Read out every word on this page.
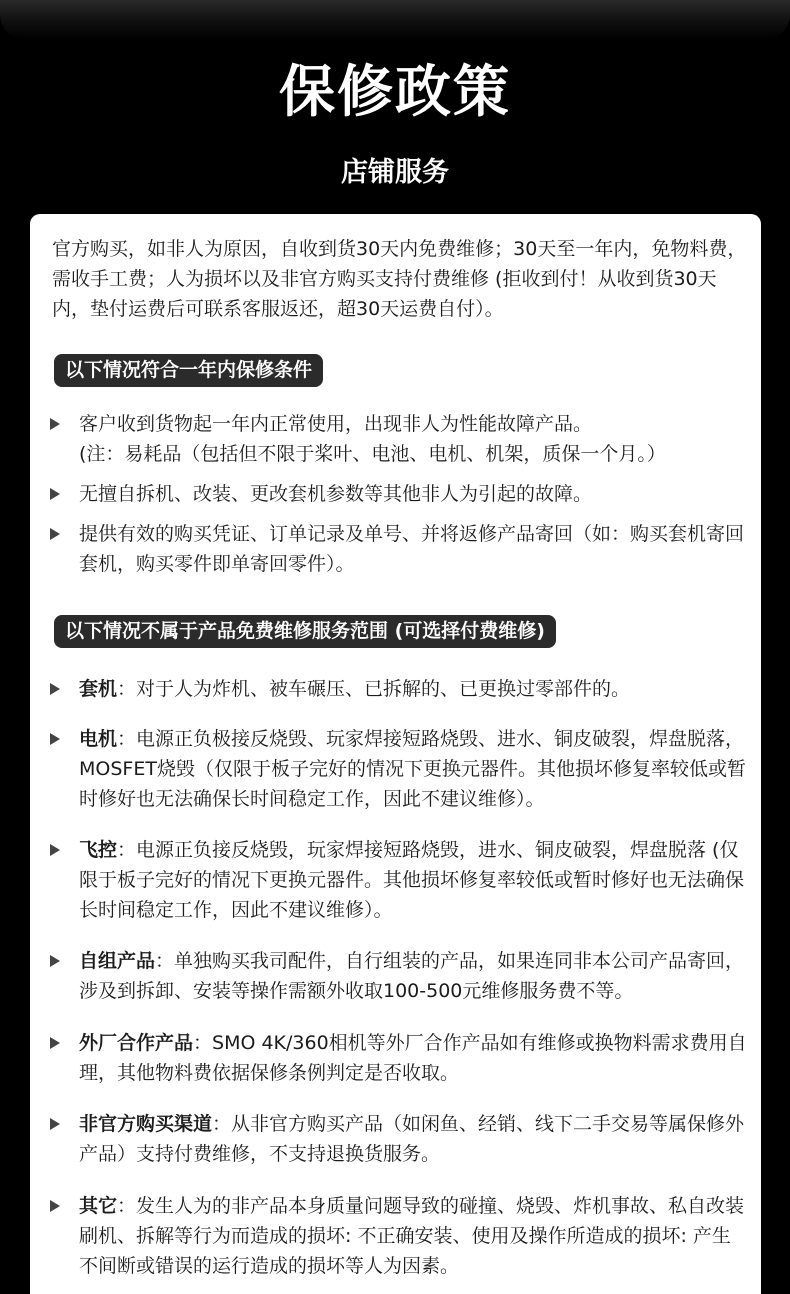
保修政策
店铺服务

官方购买，如非人为原因，自收到货30天内免费维修；30天至一年内，免物料费，需收手工费；人为损坏以及非官方购买支持付费维修 (拒收到付！从收到货30天内，垫付运费后可联系客服返还，超30天运费自付）。

以下情况符合一年内保修条件

客户收到货物起一年内正常使用，出现非人为性能故障产品。

(注：易耗品（包括但不限于桨叶、电池、电机、机架，质保一个月。）

无擅自拆机、改装、更改套机参数等其他非人为引起的故障。

提供有效的购买凭证、订单记录及单号、并将返修产品寄回（如：购买套机寄回套机，购买零件即单寄回零件）。

以下情况不属于产品免费维修服务范围 (可选择付费维修)

套机：对于人为炸机、被车碾压、已拆解的、已更换过零部件的。

电机：电源正负极接反烧毁、玩家焊接短路烧毁、进水、铜皮破裂，焊盘脱落，MOSFET烧毁（仅限于板子完好的情况下更换元器件。其他损坏修复率较低或暂时修好也无法确保长时间稳定工作，因此不建议维修）。

飞控：电源正负接反烧毁，玩家焊接短路烧毁，进水、铜皮破裂，焊盘脱落 (仅限于板子完好的情况下更换元器件。其他损坏修复率较低或暂时修好也无法确保长时间稳定工作，因此不建议维修）。

自组产品：单独购买我司配件，自行组装的产品，如果连同非本公司产品寄回，涉及到拆卸、安装等操作需额外收取100-500元维修服务费不等。

外厂合作产品：SMO 4K/360相机等外厂合作产品如有维修或换物料需求费用自理，其他物料费依据保修条例判定是否收取。

非官方购买渠道：从非官方购买产品（如闲鱼、经销、线下二手交易等属保修外产品）支持付费维修，不支持退换货服务。

其它：发生人为的非产品本身质量问题导致的碰撞、烧毁、炸机事故、私自改装刷机、拆解等行为而造成的损坏: 不正确安装、使用及操作所造成的损坏: 产生不间断或错误的运行造成的损坏等人为因素。
